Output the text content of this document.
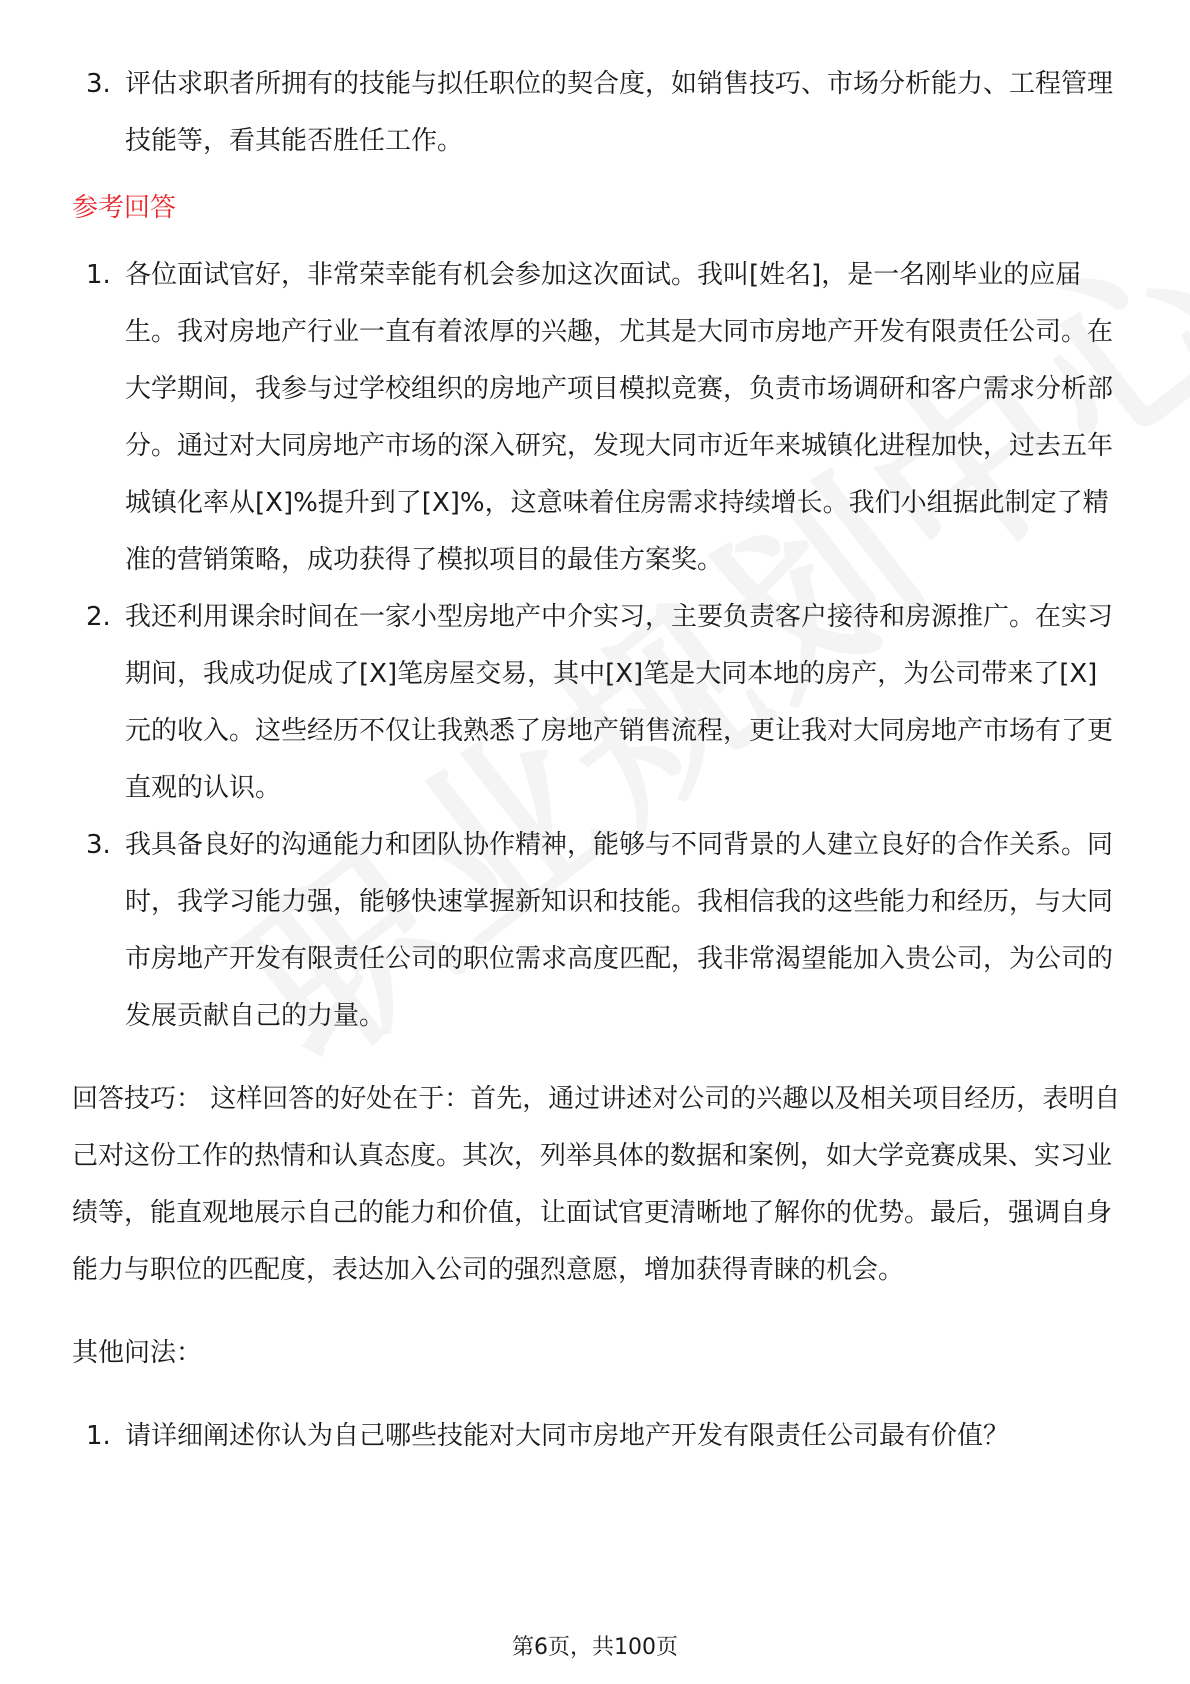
3. 评估求职者所拥有的技能与拟任职位的契合度，如销售技巧、市场分析能力、工程管理技能等，看其能否胜任工作。
参考回答
1. 各位面试官好，非常荣幸能有机会参加这次面试。我叫[姓名]，是一名刚毕业的应届生。我对房地产行业一直有着浓厚的兴趣，尤其是大同市房地产开发有限责任公司。在大学期间，我参与过学校组织的房地产项目模拟竞赛，负责市场调研和客户需求分析部分。通过对大同房地产市场的深入研究，发现大同市近年来城镇化进程加快，过去五年城镇化率从[X]%提升到了[X]%，这意味着住房需求持续增长。我们小组据此制定了精准的营销策略，成功获得了模拟项目的最佳方案奖。
2. 我还利用课余时间在一家小型房地产中介实习，主要负责客户接待和房源推广。在实习期间，我成功促成了[X]笔房屋交易，其中[X]笔是大同本地的房产，为公司带来了[X]元的收入。这些经历不仅让我熟悉了房地产销售流程，更让我对大同房地产市场有了更直观的认识。
3. 我具备良好的沟通能力和团队协作精神，能够与不同背景的人建立良好的合作关系。同时，我学习能力强，能够快速掌握新知识和技能。我相信我的这些能力和经历，与大同市房地产开发有限责任公司的职位需求高度匹配，我非常渴望能加入贵公司，为公司的发展贡献自己的力量。

回答技巧： 这样回答的好处在于：首先，通过讲述对公司的兴趣以及相关项目经历，表明自己对这份工作的热情和认真态度。其次，列举具体的数据和案例，如大学竞赛成果、实习业绩等，能直观地展示自己的能力和价值，让面试官更清晰地了解你的优势。最后，强调自身能力与职位的匹配度，表达加入公司的强烈意愿，增加获得青睐的机会。

其他问法：

1. 请详细阐述你认为自己哪些技能对大同市房地产开发有限责任公司最有价值？
第6页，共100页
